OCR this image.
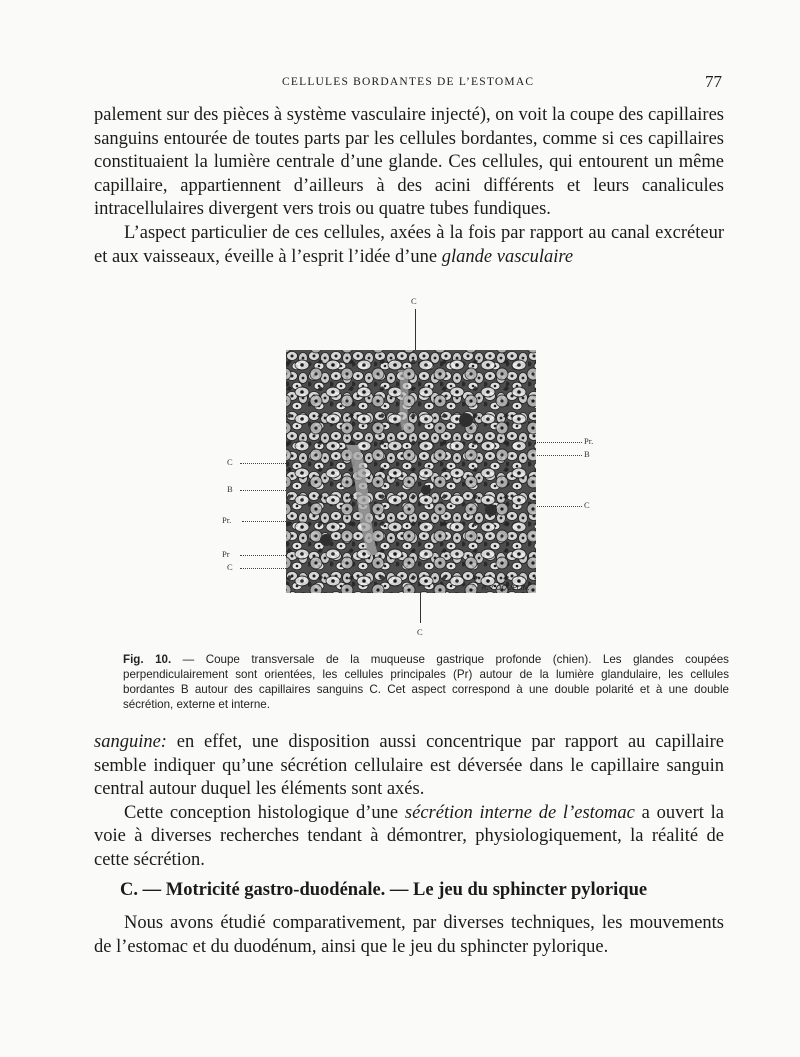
CELLULES BORDANTES DE L’ESTOMAC	77

palement sur des pièces à système vasculaire injecté), on voit la coupe des capillaires sanguins entourée de toutes parts par les cellules bordantes, comme si ces capillaires constituaient la lumière centrale d’une glande. Ces cellules, qui entourent un même capillaire, appartiennent d’ailleurs à des acini différents et leurs canalicules intracellulaires divergent vers trois ou quatre tubes fundiques.

L’aspect particulier de ces cellules, axées à la fois par rapport au canal excréteur et aux vaisseaux, éveille à l’esprit l’idée d’une glande vasculaire

C
C
B
Pr.
Pr
C
Pr.
B
C
C
R. COQUELIN.
Fig. 10. — Coupe transversale de la muqueuse gastrique profonde (chien). Les glandes coupées perpendiculairement sont orientées, les cellules principales (Pr) autour de la lumière glandulaire, les cellules bordantes B autour des capillaires sanguins C. Cet aspect correspond à une double polarité et à une double sécrétion, externe et interne.

sanguine: en effet, une disposition aussi concentrique par rapport au capillaire semble indiquer qu’une sécrétion cellulaire est déversée dans le capillaire sanguin central autour duquel les éléments sont axés.

Cette conception histologique d’une sécrétion interne de l’estomac a ouvert la voie à diverses recherches tendant à démontrer, physiologiquement, la réalité de cette sécrétion.

C. — Motricité gastro-duodénale. — Le jeu du sphincter pylorique

Nous avons étudié comparativement, par diverses techniques, les mouvements de l’estomac et du duodénum, ainsi que le jeu du sphincter pylorique.
